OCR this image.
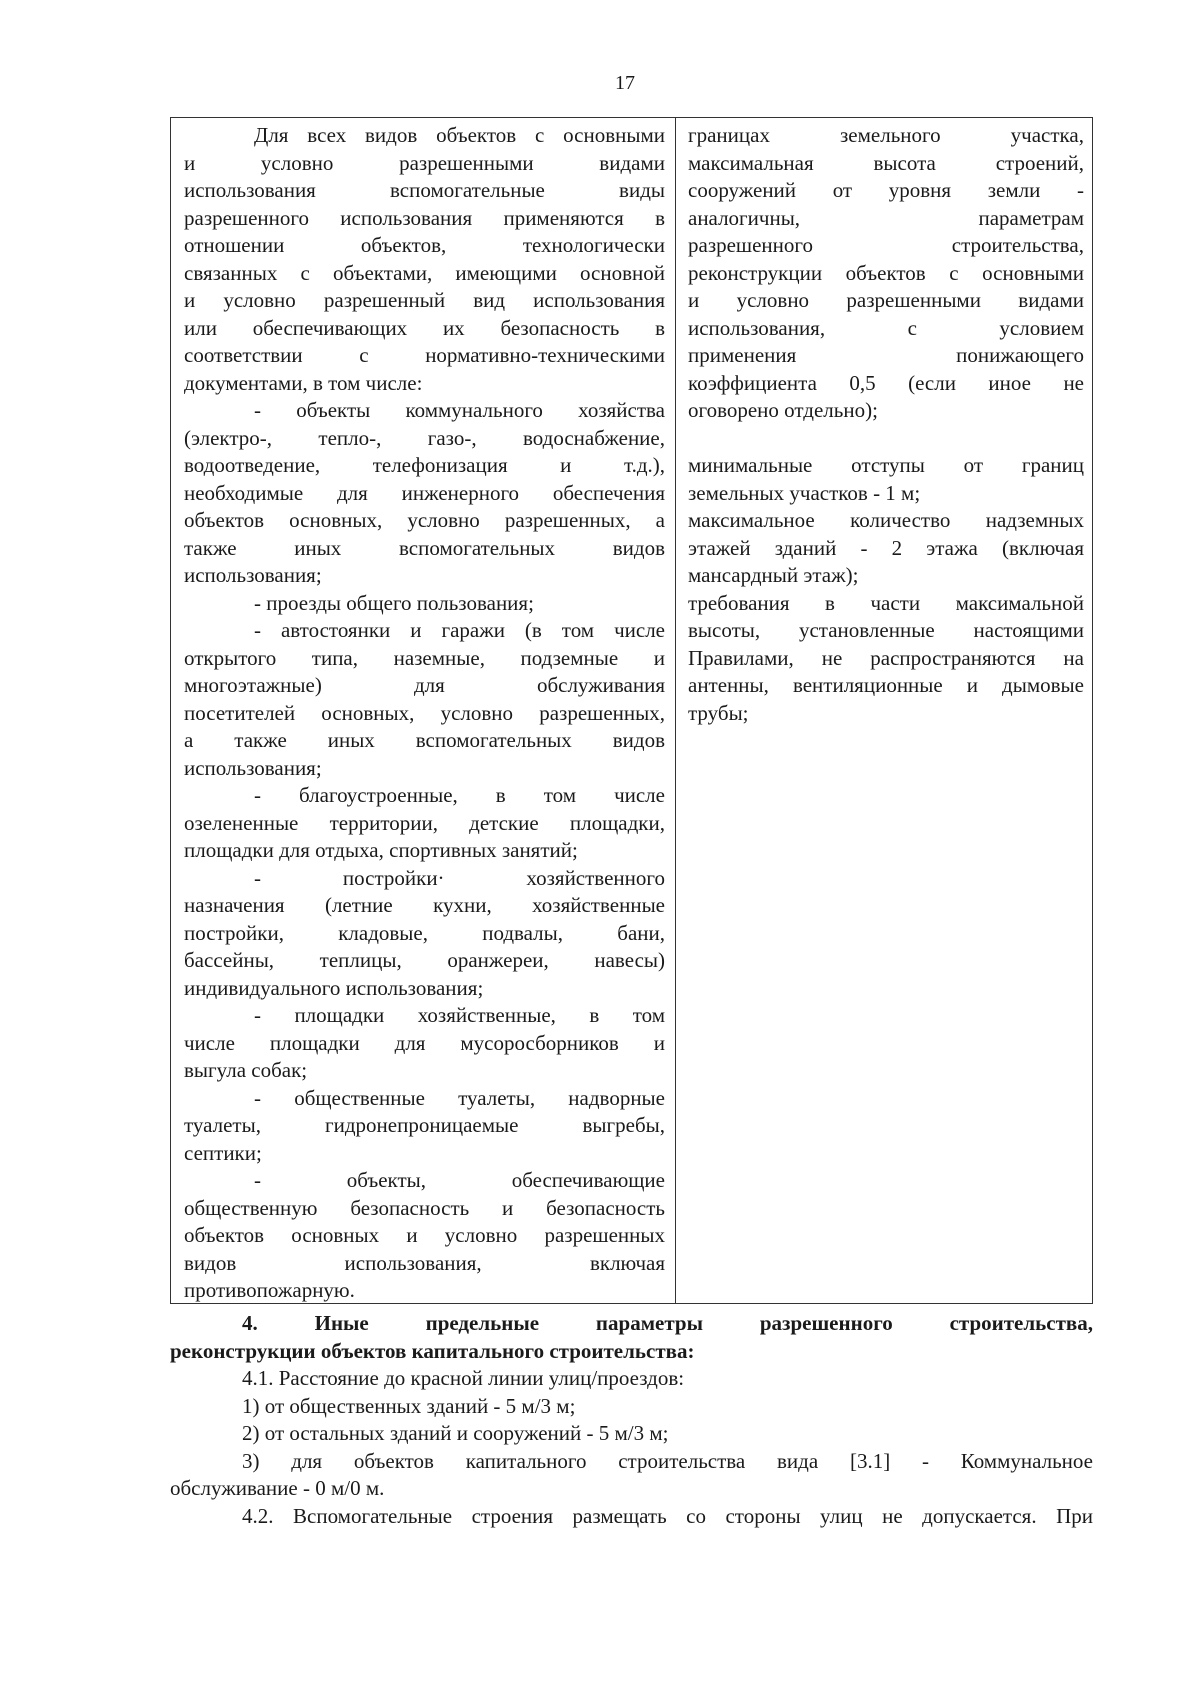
17
Для всех видов объектов с основными
и условно разрешенными видами
использования вспомогательные виды
разрешенного использования применяются в
отношении объектов, технологически
связанных с объектами, имеющими основной
и условно разрешенный вид использования
или обеспечивающих их безопасность в
соответствии с нормативно-техническими
документами, в том числе:
- объекты коммунального хозяйства
(электро-, тепло-, газо-, водоснабжение,
водоотведение, телефонизация и т.д.),
необходимые для инженерного обеспечения
объектов основных, условно разрешенных, а
также иных вспомогательных видов
использования;
- проезды общего пользования;
- автостоянки и гаражи (в том числе
открытого типа, наземные, подземные и
многоэтажные) для обслуживания
посетителей основных, условно разрешенных,
а также иных вспомогательных видов
использования;
- благоустроенные, в том числе
озелененные территории, детские площадки,
площадки для отдыха, спортивных занятий;
- постройки· хозяйственного
назначения (летние кухни, хозяйственные
постройки, кладовые, подвалы, бани,
бассейны, теплицы, оранжереи, навесы)
индивидуального использования;
- площадки хозяйственные, в том
числе площадки для мусоросборников и
выгула собак;
- общественные туалеты, надворные
туалеты, гидронепроницаемые выгребы,
септики;
- объекты, обеспечивающие
общественную безопасность и безопасность
объектов основных и условно разрешенных
видов использования, включая
противопожарную.
границах земельного участка,
максимальная высота строений,
сооружений от уровня земли -
аналогичны, параметрам
разрешенного строительства,
реконструкции объектов с основными
и условно разрешенными видами
использования, с условием
применения понижающего
коэффициента 0,5 (если иное не
оговорено отдельно);
минимальные отступы от границ
земельных участков - 1 м;
максимальное количество надземных
этажей зданий - 2 этажа (включая
мансардный этаж);
требования в части максимальной
высоты, установленные настоящими
Правилами, не распространяются на
антенны, вентиляционные и дымовые
трубы;
4. Иные предельные параметры разрешенного строительства,
реконструкции объектов капитального строительства:
4.1. Расстояние до красной линии улиц/проездов:
1) от общественных зданий - 5 м/3 м;
2) от остальных зданий и сооружений - 5 м/3 м;
3) для объектов капитального строительства вида [3.1] - Коммунальное
обслуживание - 0 м/0 м.
4.2. Вспомогательные строения размещать со стороны улиц не допускается. При
